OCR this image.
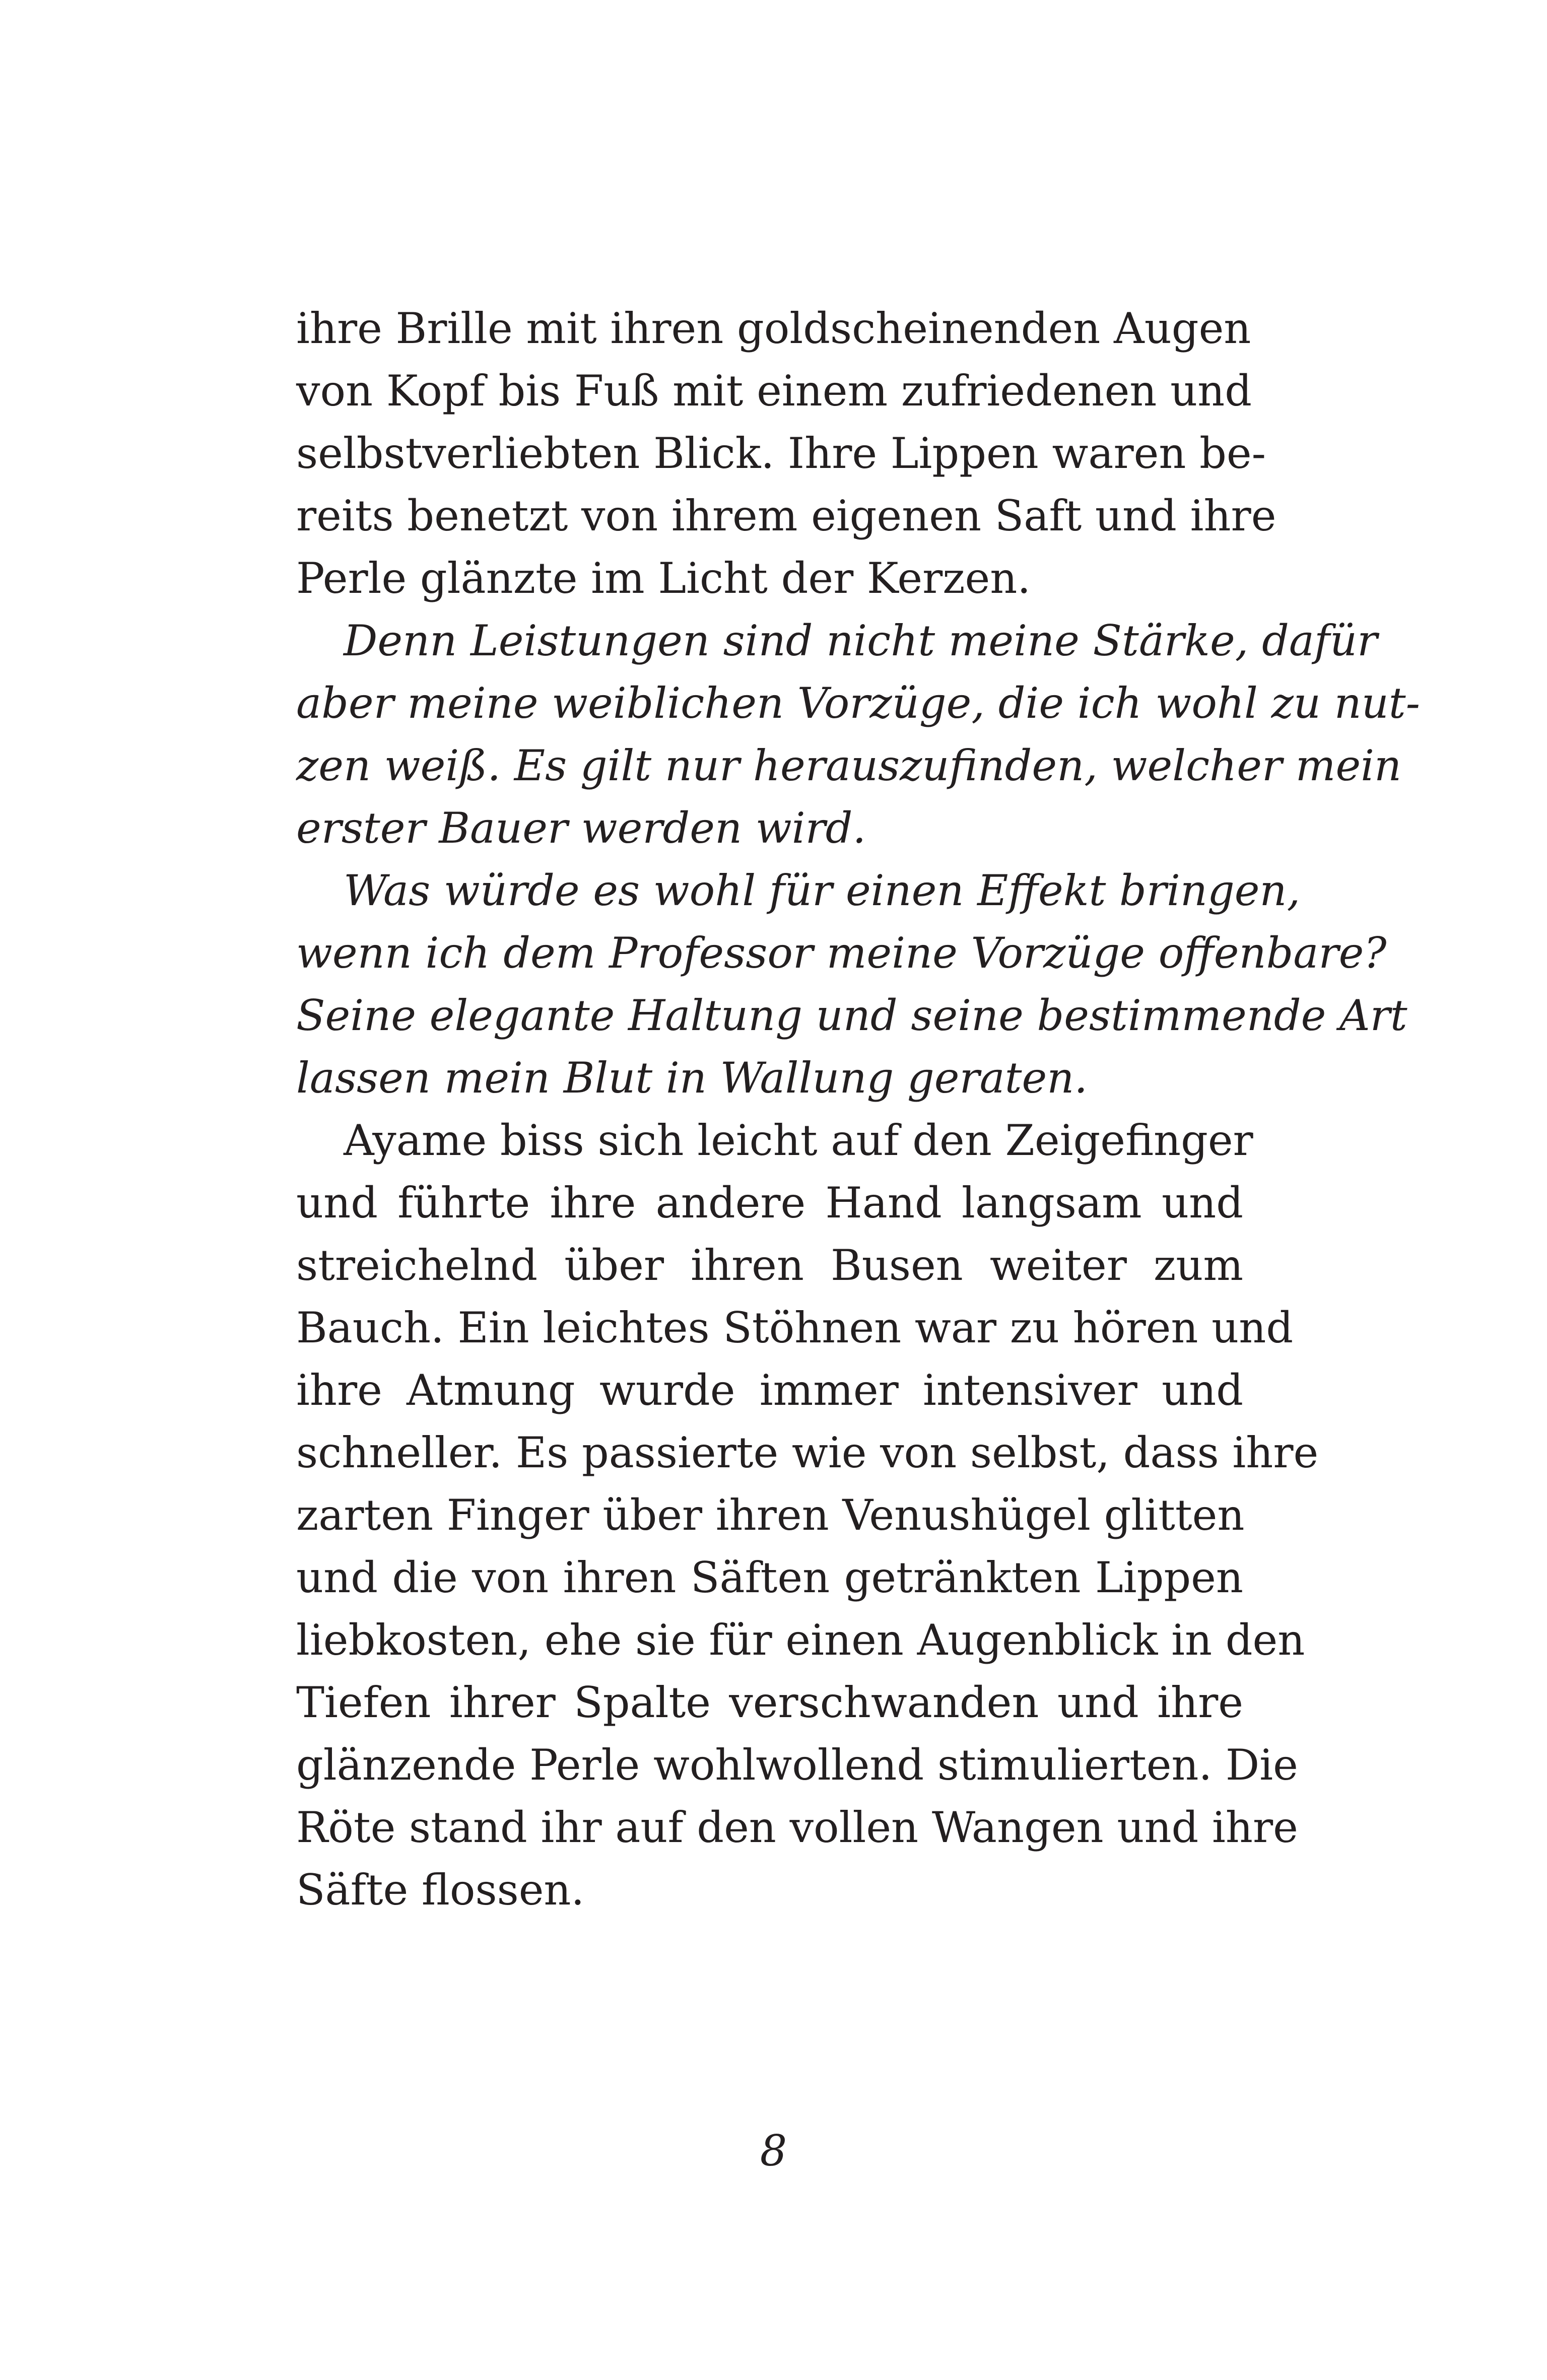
ihre Brille mit ihren goldscheinenden Augen
von Kopf bis Fuß mit einem zufriedenen und
selbstverliebten Blick. Ihre Lippen waren be-
reits benetzt von ihrem eigenen Saft und ihre
Perle glänzte im Licht der Kerzen.
Denn Leistungen sind nicht meine Stärke, dafür
aber meine weiblichen Vorzüge, die ich wohl zu nut-
zen weiß. Es gilt nur herauszufinden, welcher mein
erster Bauer werden wird.
Was würde es wohl für einen Effekt bringen,
wenn ich dem Professor meine Vorzüge offenbare?
Seine elegante Haltung und seine bestimmende Art
lassen mein Blut in Wallung geraten.
Ayame biss sich leicht auf den Zeigefinger
und führte ihre andere Hand langsam und
streichelnd über ihren Busen weiter zum
Bauch. Ein leichtes Stöhnen war zu hören und
ihre Atmung wurde immer intensiver und
schneller. Es passierte wie von selbst, dass ihre
zarten Finger über ihren Venushügel glitten
und die von ihren Säften getränkten Lippen
liebkosten, ehe sie für einen Augenblick in den
Tiefen ihrer Spalte verschwanden und ihre
glänzende Perle wohlwollend stimulierten. Die
Röte stand ihr auf den vollen Wangen und ihre
Säfte flossen.
8
